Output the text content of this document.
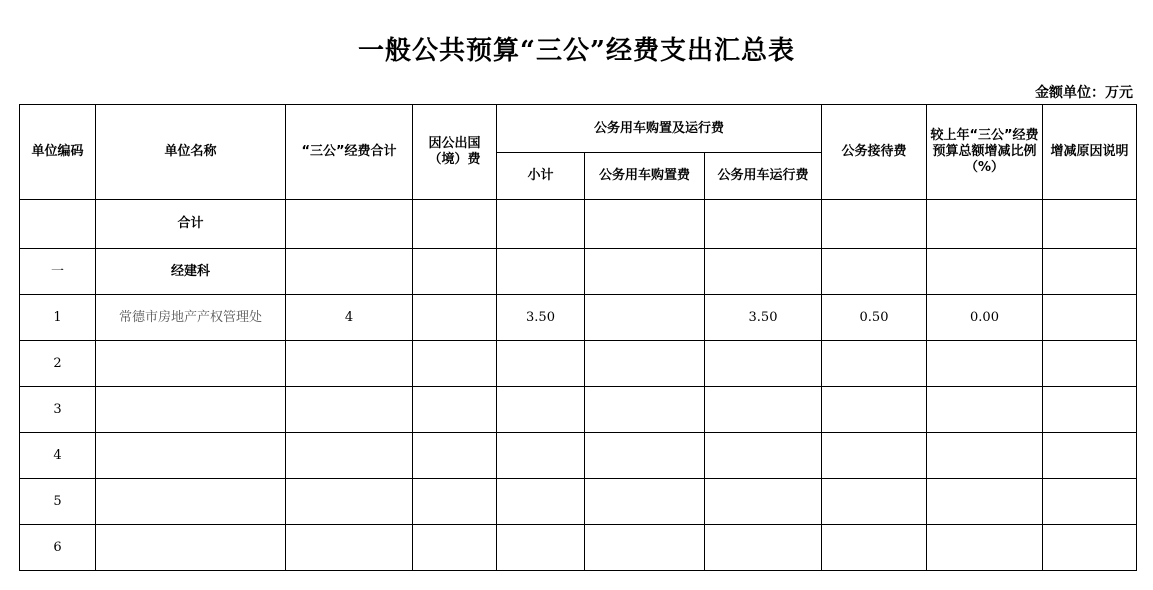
一般公共预算“三公”经费支出汇总表
金额单位：万元
单位编码	单位名称	“三公”经费合计	因公出国（境）费	公务用车购置及运行费			公务接待费	较上年“三公”经费预算总额增减比例（%）	增减原因说明
				小计	公务用车购置费	公务用车运行费			
	合计								
一	经建科								
1	常德市房地产产权管理处	4		3.50		3.50	0.50	0.00	
2									
3									
4									
5									
6									
